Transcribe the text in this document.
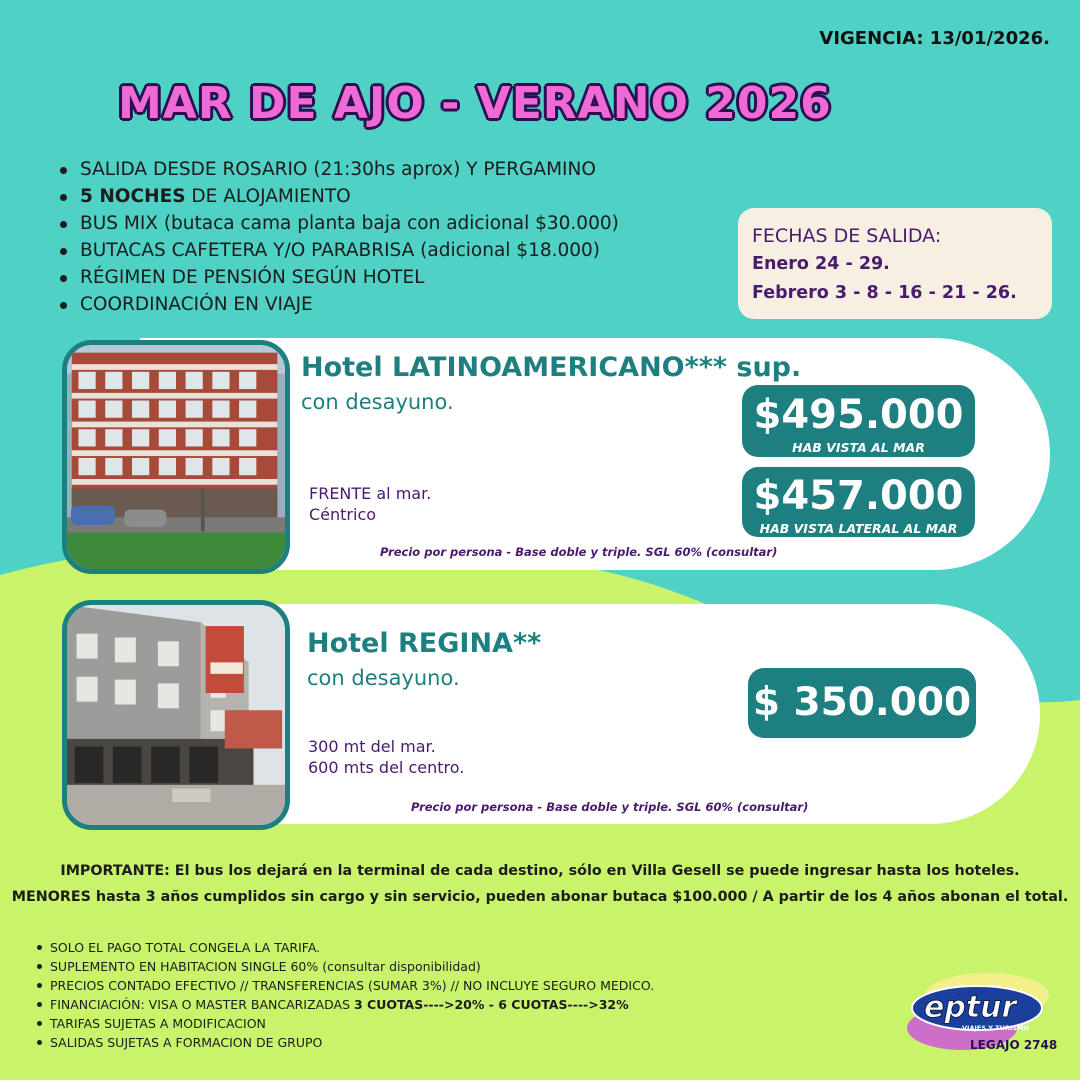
VIGENCIA: 13/01/2026.
MAR DE AJO - VERANO 2026
SALIDA DESDE ROSARIO (21:30hs aprox) Y PERGAMINO
5 NOCHES DE ALOJAMIENTO
BUS MIX (butaca cama planta baja con adicional $30.000)
BUTACAS CAFETERA Y/O PARABRISA (adicional $18.000)
RÉGIMEN DE PENSIÓN SEGÚN HOTEL
COORDINACIÓN EN VIAJE
FECHAS DE SALIDA:
Enero 24 - 29.
Febrero 3 - 8 - 16 - 21 - 26.
Hotel LATINOAMERICANO*** sup.
con desayuno.
FRENTE al mar.
Céntrico
$495.000
HAB VISTA AL MAR
$457.000
HAB VISTA LATERAL AL MAR
Precio por persona - Base doble y triple. SGL 60% (consultar)
Hotel REGINA**
con desayuno.
300 mt del mar.
600 mts del centro.
$ 350.000
Precio por persona - Base doble y triple. SGL 60% (consultar)
IMPORTANTE: El bus los dejará en la terminal de cada destino, sólo en Villa Gesell se puede ingresar hasta los hoteles.
MENORES hasta 3 años cumplidos sin cargo y sin servicio, pueden abonar butaca $100.000 / A partir de los 4 años abonan el total.
SOLO EL PAGO TOTAL CONGELA LA TARIFA.
SUPLEMENTO EN HABITACION SINGLE 60% (consultar disponibilidad)
PRECIOS CONTADO EFECTIVO // TRANSFERENCIAS (SUMAR 3%) // NO INCLUYE SEGURO MEDICO.
FINANCIACIÓN: VISA O MASTER BANCARIZADAS 3 CUOTAS---->20% - 6 CUOTAS---->32%
TARIFAS SUJETAS A MODIFICACION
SALIDAS SUJETAS A FORMACION DE GRUPO
eptur
VIAJES Y TURISMO
LEGAJO 2748
